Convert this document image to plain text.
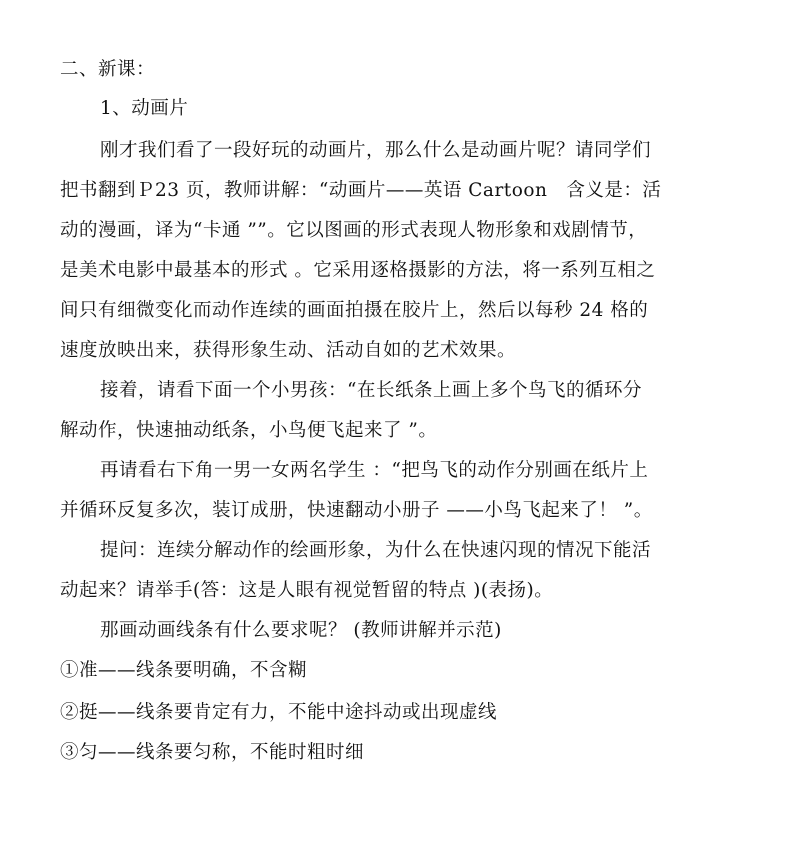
二、新课：
1、动画片
刚才我们看了一段好玩的动画片，那么什么是动画片呢？请同学们
把书翻到Ｐ23 页，教师讲解：“动画片——英语 Cartoon　含义是：活
动的漫画，译为“卡通 ””。它以图画的形式表现人物形象和戏剧情节，
是美术电影中最基本的形式 。它采用逐格摄影的方法，将一系列互相之
间只有细微变化而动作连续的画面拍摄在胶片上，然后以每秒 24 格的
速度放映出来，获得形象生动、活动自如的艺术效果。
接着，请看下面一个小男孩：“在长纸条上画上多个鸟飞的循环分
解动作，快速抽动纸条，小鸟便飞起来了 ”。
再请看右下角一男一女两名学生 ：“把鸟飞的动作分别画在纸片上
并循环反复多次，装订成册，快速翻动小册子 ——小鸟飞起来了！ ”。
提问：连续分解动作的绘画形象，为什么在快速闪现的情况下能活
动起来？请举手(答：这是人眼有视觉暂留的特点 )(表扬)。
那画动画线条有什么要求呢？ (教师讲解并示范)
①准——线条要明确，不含糊
②挺——线条要肯定有力，不能中途抖动或出现虚线
③匀——线条要匀称，不能时粗时细
